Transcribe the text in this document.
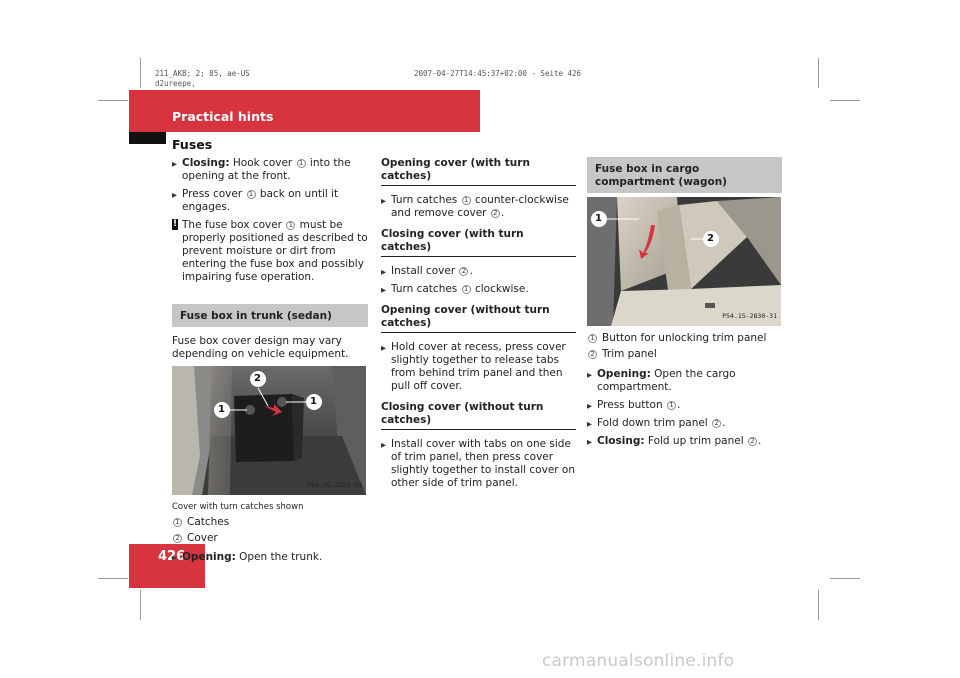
211_AKB; 2; 85, ae-US
d2ureepe,
2007-04-27T14:45:37+02:00 - Seite 426
Practical hints
Fuses
426
▶ Closing: Hook cover 1 into the opening at the front.
▶ Press cover 1 back on until it engages.
! The fuse box cover 1 must be properly positioned as described to prevent moisture or dirt from entering the fuse box and possibly impairing fuse operation.
Fuse box in trunk (sedan)
Fuse box cover design may vary depending on vehicle equipment.
2
1
1
P54.15-2829-31
Cover with turn catches shown
1 Catches
2 Cover
▶ Opening: Open the trunk.
Opening cover (with turn catches)
▶ Turn catches 1 counter-clockwise and remove cover 2 .
Closing cover (with turn catches)
▶ Install cover 2 .
▶ Turn catches 1 clockwise.
Opening cover (without turn catches)
▶ Hold cover at recess, press cover slightly together to release tabs from behind trim panel and then pull off cover.
Closing cover (without turn catches)
▶ Install cover with tabs on one side of trim panel, then press cover slightly together to install cover on other side of trim panel.
Fuse box in cargo compartment (wagon)
1
2
P54.15-2830-31
1 Button for unlocking trim panel
2 Trim panel
▶ Opening: Open the cargo compartment.
▶ Press button 1 .
▶ Fold down trim panel 2 .
▶ Closing: Fold up trim panel 2 .
carmanualsonline.info
